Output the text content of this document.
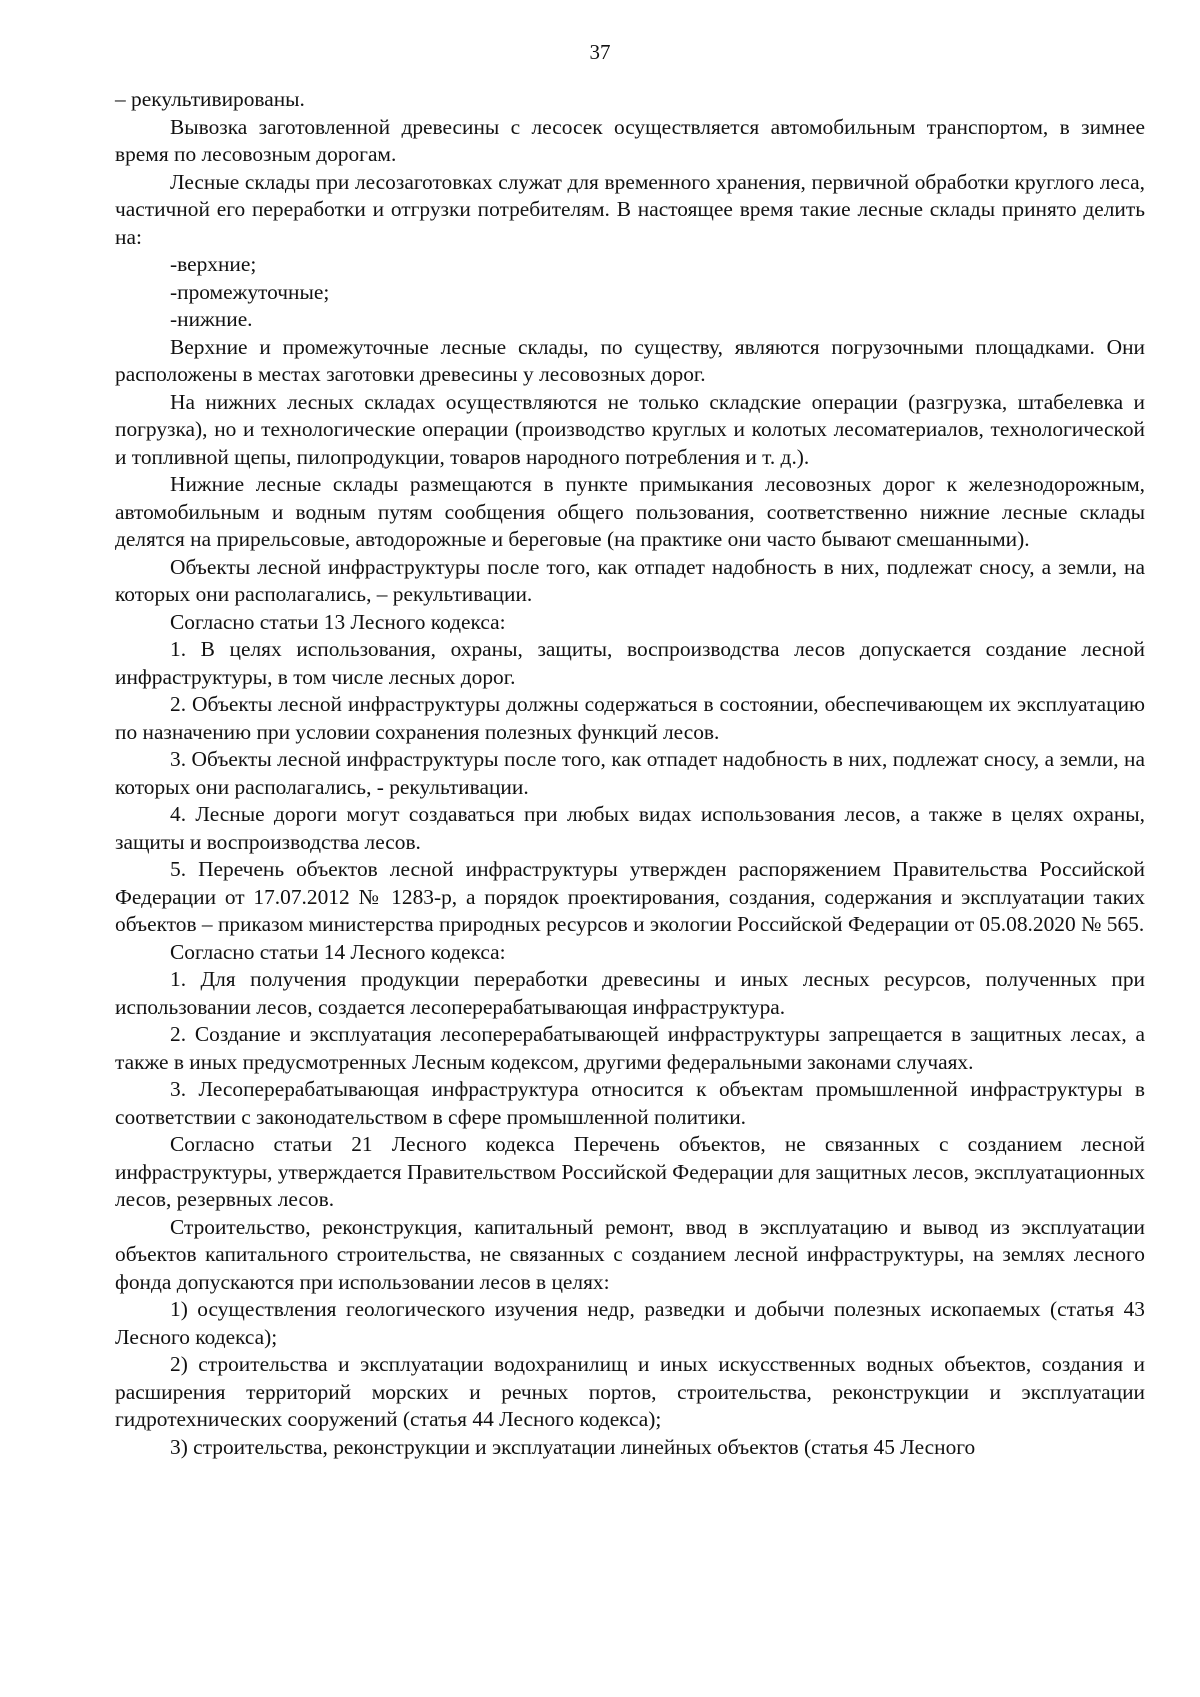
37

– рекультивированы.

Вывозка заготовленной древесины с лесосек осуществляется автомобильным транспортом, в зимнее время по лесовозным дорогам.

Лесные склады при лесозаготовках служат для временного хранения, первичной обработки круглого леса, частичной его переработки и отгрузки потребителям. В настоящее время такие лесные склады принято делить на:

-верхние;

-промежуточные;

-нижние.

Верхние и промежуточные лесные склады, по существу, являются погрузочными площадками. Они расположены в местах заготовки древесины у лесовозных дорог.

На нижних лесных складах осуществляются не только складские операции (разгрузка, штабелевка и погрузка), но и технологические операции (производство круглых и колотых лесоматериалов, технологической и топливной щепы, пилопродукции, товаров народного потребления и т. д.).

Нижние лесные склады размещаются в пункте примыкания лесовозных дорог к железнодорожным, автомобильным и водным путям сообщения общего пользования, соответственно нижние лесные склады делятся на прирельсовые, автодорожные и береговые (на практике они часто бывают смешанными).

Объекты лесной инфраструктуры после того, как отпадет надобность в них, подлежат сносу, а земли, на которых они располагались, – рекультивации.

Согласно статьи 13 Лесного кодекса:

1. В целях использования, охраны, защиты, воспроизводства лесов допускается создание лесной инфраструктуры, в том числе лесных дорог.

2. Объекты лесной инфраструктуры должны содержаться в состоянии, обеспечивающем их эксплуатацию по назначению при условии сохранения полезных функций лесов.

3. Объекты лесной инфраструктуры после того, как отпадет надобность в них, подлежат сносу, а земли, на которых они располагались, - рекультивации.

4. Лесные дороги могут создаваться при любых видах использования лесов, а также в целях охраны, защиты и воспроизводства лесов.

5. Перечень объектов лесной инфраструктуры утвержден распоряжением Правительства Российской Федерации от 17.07.2012 № 1283-р, а порядок проектирования, создания, содержания и эксплуатации таких объектов – приказом министерства природных ресурсов и экологии Российской Федерации от 05.08.2020 № 565.

Согласно статьи 14 Лесного кодекса:

1. Для получения продукции переработки древесины и иных лесных ресурсов, полученных при использовании лесов, создается лесоперерабатывающая инфраструктура.

2. Создание и эксплуатация лесоперерабатывающей инфраструктуры запрещается в защитных лесах, а также в иных предусмотренных Лесным кодексом, другими федеральными законами случаях.

3. Лесоперерабатывающая инфраструктура относится к объектам промышленной инфраструктуры в соответствии с законодательством в сфере промышленной политики.

Согласно статьи 21 Лесного кодекса Перечень объектов, не связанных с созданием лесной инфраструктуры, утверждается Правительством Российской Федерации для защитных лесов, эксплуатационных лесов, резервных лесов.

Строительство, реконструкция, капитальный ремонт, ввод в эксплуатацию и вывод из эксплуатации объектов капитального строительства, не связанных с созданием лесной инфраструктуры, на землях лесного фонда допускаются при использовании лесов в целях:

1) осуществления геологического изучения недр, разведки и добычи полезных ископаемых (статья 43 Лесного кодекса);

2) строительства и эксплуатации водохранилищ и иных искусственных водных объектов, создания и расширения территорий морских и речных портов, строительства, реконструкции и эксплуатации гидротехнических сооружений (статья 44 Лесного кодекса);

3) строительства, реконструкции и эксплуатации линейных объектов (статья 45 Лесного
